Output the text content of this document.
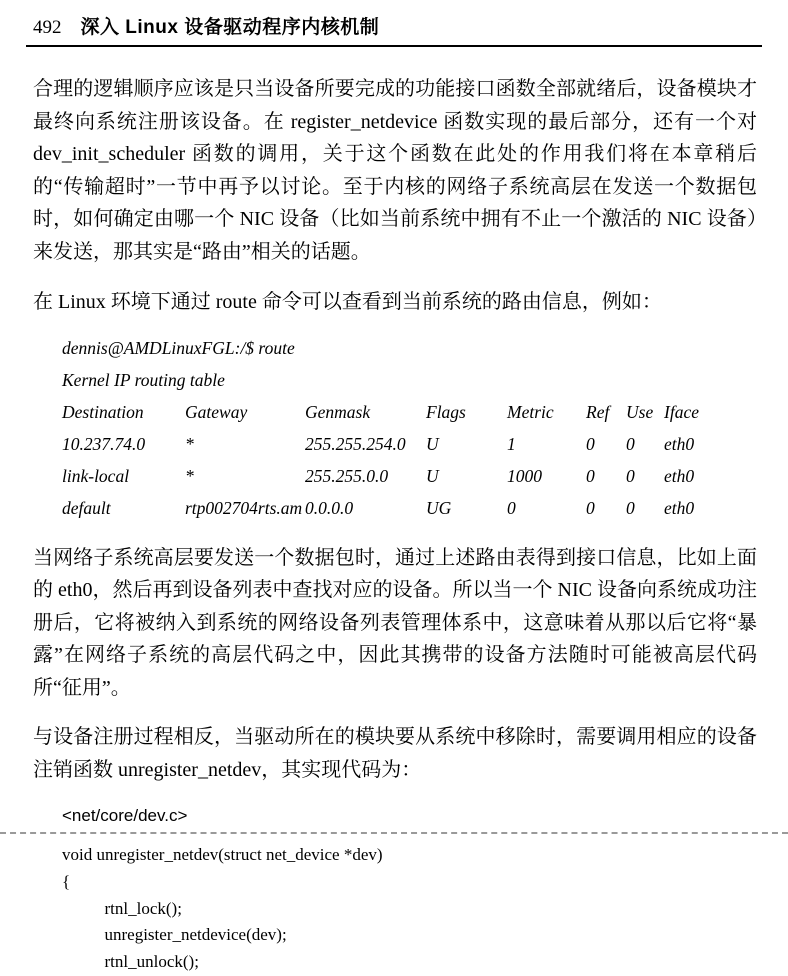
492 深入 Linux 设备驱动程序内核机制

合理的逻辑顺序应该是只当设备所要完成的功能接口函数全部就绪后，设备模块才最终向系统注册该设备。在 register_netdevice 函数实现的最后部分，还有一个对 dev_init_scheduler 函数的调用，关于这个函数在此处的作用我们将在本章稍后的“传输超时”一节中再予以讨论。至于内核的网络子系统高层在发送一个数据包时，如何确定由哪一个 NIC 设备（比如当前系统中拥有不止一个激活的 NIC 设备）来发送，那其实是“路由”相关的话题。

在 Linux 环境下通过 route 命令可以查看到当前系统的路由信息，例如：

dennis@AMDLinuxFGL:/$ route
Kernel IP routing table
Destination	Gateway	Genmask	Flags	Metric	Ref Use Iface
10.237.74.0	*	255.255.254.0	U	1	0	0	eth0
link-local	*	255.255.0.0	U	1000	0	0	eth0
default	rtp002704rts.am 0.0.0.0	UG	0	0	0	eth0

当网络子系统高层要发送一个数据包时，通过上述路由表得到接口信息，比如上面的 eth0，然后再到设备列表中查找对应的设备。所以当一个 NIC 设备向系统成功注册后，它将被纳入到系统的网络设备列表管理体系中，这意味着从那以后它将“暴露”在网络子系统的高层代码之中，因此其携带的设备方法随时可能被高层代码所“征用”。

与设备注册过程相反，当驱动所在的模块要从系统中移除时，需要调用相应的设备注销函数 unregister_netdev，其实现代码为：

<net/core/dev.c>
void unregister_netdev(struct net_device *dev)
{
rtnl_lock();
unregister_netdevice(dev);
rtnl_unlock();
